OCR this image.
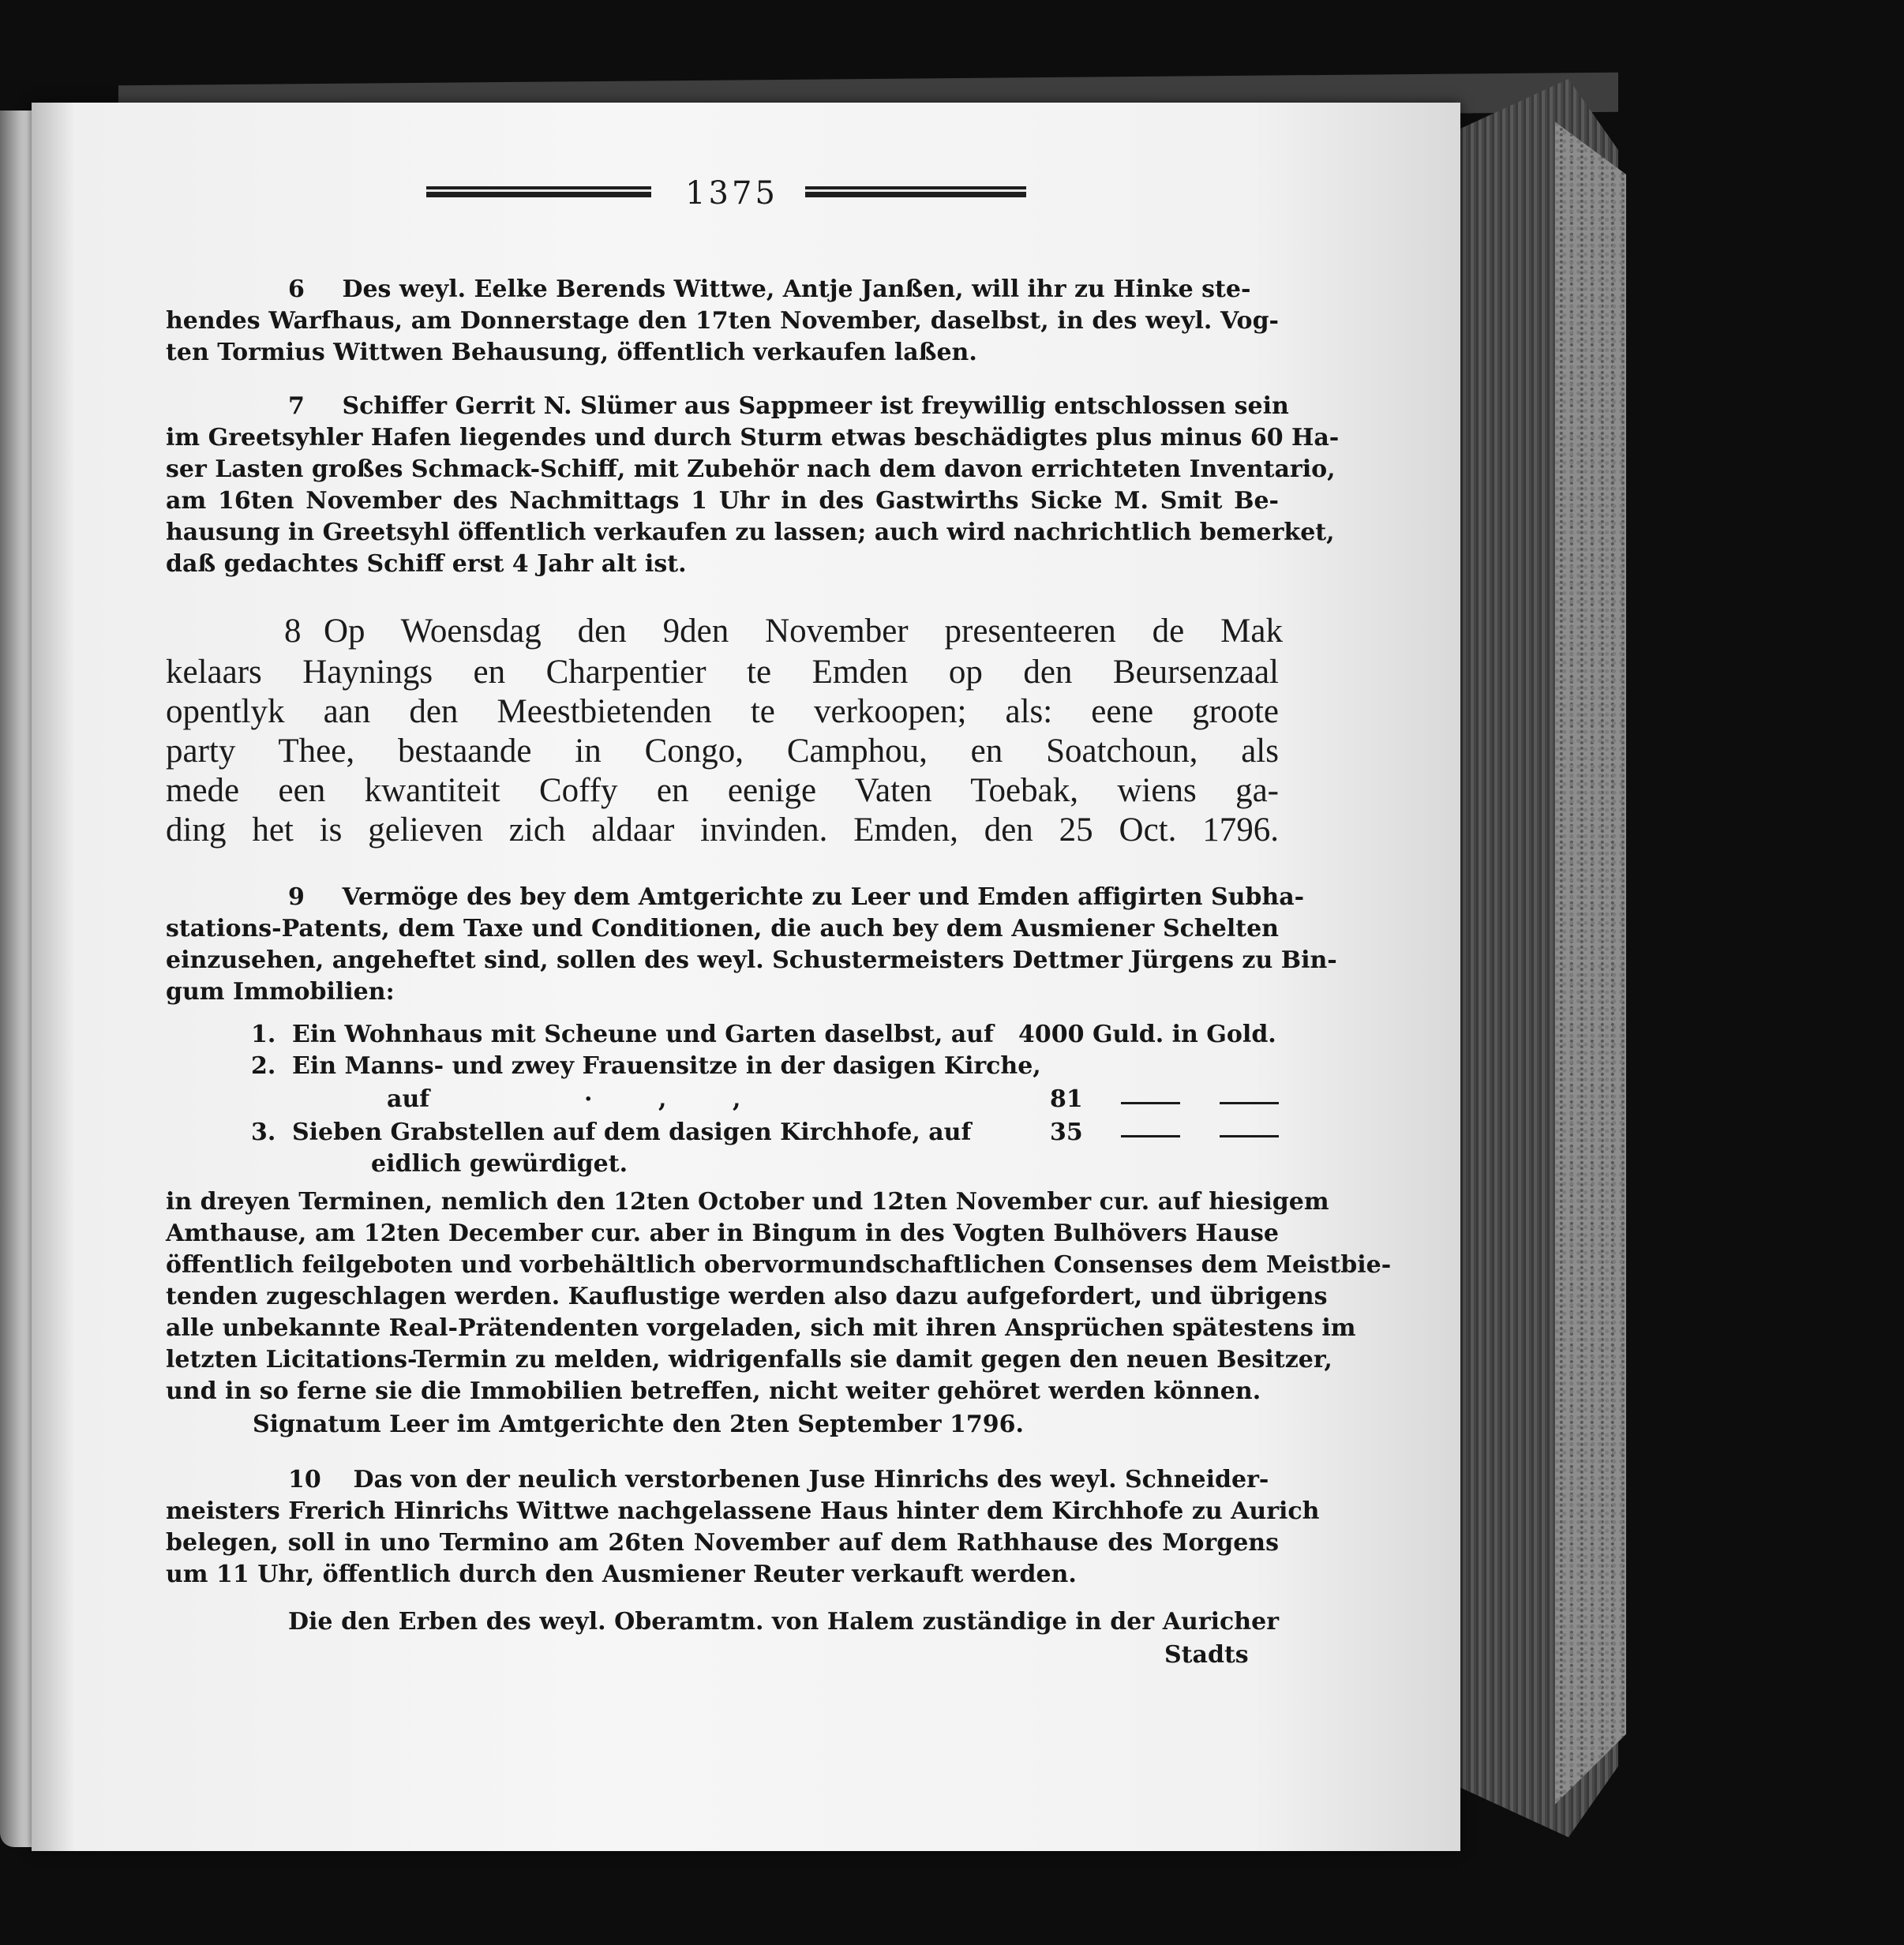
1375
6 Des weyl. Eelke Berends Wittwe, Antje Janßen, will ihr zu Hinke ste-
hendes Warfhaus, am Donnerstage den 17ten November, daselbst, in des weyl. Vog-
ten Tormius Wittwen Behausung, öffentlich verkaufen laßen.
7 Schiffer Gerrit N. Slümer aus Sappmeer ist freywillig entschlossen sein
im Greetsyhler Hafen liegendes und durch Sturm etwas beschädigtes plus minus 60 Ha-
ser Lasten großes Schmack-Schiff, mit Zubehör nach dem davon errichteten Inventario,
am 16ten November des Nachmittags 1 Uhr in des Gastwirths Sicke M. Smit Be-
hausung in Greetsyhl öffentlich verkaufen zu lassen; auch wird nachrichtlich bemerket,
daß gedachtes Schiff erst 4 Jahr alt ist.
8 Op Woensdag den 9den November presenteeren de Mak
kelaars Haynings en Charpentier te Emden op den Beursenzaal
opentlyk aan den Meestbietenden te verkoopen; als: eene groote
party Thee, bestaande in Congo, Camphou, en Soatchoun, als
mede een kwantiteit Coffy en eenige Vaten Toebak, wiens ga-
ding het is gelieven zich aldaar invinden. Emden, den 25 Oct. 1796.
9 Vermöge des bey dem Amtgerichte zu Leer und Emden affigirten Subha-
stations-Patents, dem Taxe und Conditionen, die auch bey dem Ausmiener Schelten
einzusehen, angeheftet sind, sollen des weyl. Schustermeisters Dettmer Jürgens zu Bin-
gum Immobilien:
1. Ein Wohnhaus mit Scheune und Garten daselbst, auf 4000 Guld. in Gold.
2. Ein Manns- und zwey Frauensitze in der dasigen Kirche,
auf	·        ,        ,	81
3. Sieben Grabstellen auf dem dasigen Kirchhofe, auf	35
eidlich gewürdiget.
in dreyen Terminen, nemlich den 12ten October und 12ten November cur. auf hiesigem
Amthause, am 12ten December cur. aber in Bingum in des Vogten Bulhövers Hause
öffentlich feilgeboten und vorbehältlich obervormundschaftlichen Consenses dem Meistbie-
tenden zugeschlagen werden. Kauflustige werden also dazu aufgefordert, und übrigens
alle unbekannte Real-Prätendenten vorgeladen, sich mit ihren Ansprüchen spätestens im
letzten Licitations-Termin zu melden, widrigenfalls sie damit gegen den neuen Besitzer,
und in so ferne sie die Immobilien betreffen, nicht weiter gehöret werden können.
Signatum Leer im Amtgerichte den 2ten September 1796.
10 Das von der neulich verstorbenen Juse Hinrichs des weyl. Schneider-
meisters Frerich Hinrichs Wittwe nachgelassene Haus hinter dem Kirchhofe zu Aurich
belegen, soll in uno Termino am 26ten November auf dem Rathhause des Morgens
um 11 Uhr, öffentlich durch den Ausmiener Reuter verkauft werden.
Die den Erben des weyl. Oberamtm. von Halem zuständige in der Auricher
Stadts
